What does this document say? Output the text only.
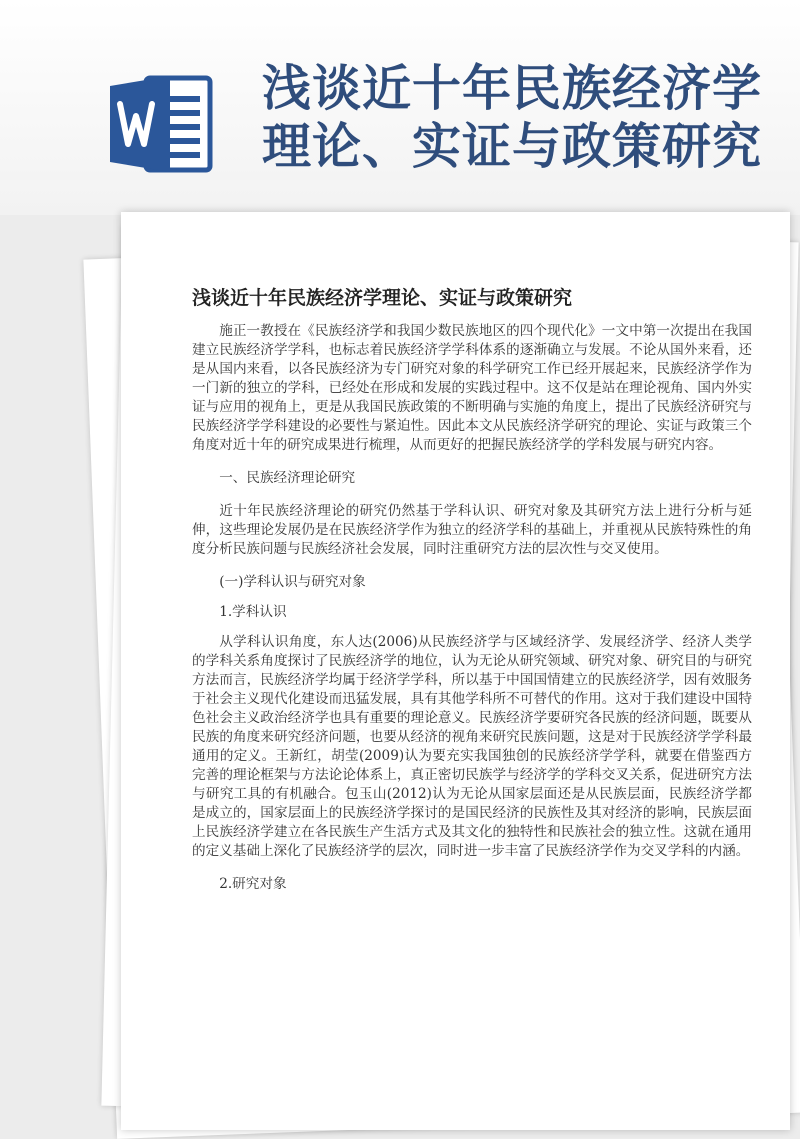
浅谈近十年民族经济学
理论、实证与政策研究
浅谈近十年民族经济学理论、实证与政策研究

施正一教授在《民族经济学和我国少数民族地区的四个现代化》一文中第一次提出在我国建立民族经济学学科，也标志着民族经济学学科体系的逐渐确立与发展。不论从国外来看，还是从国内来看，以各民族经济为专门研究对象的科学研究工作已经开展起来，民族经济学作为一门新的独立的学科，已经处在形成和发展的实践过程中。这不仅是站在理论视角、国内外实证与应用的视角上，更是从我国民族政策的不断明确与实施的角度上，提出了民族经济研究与民族经济学学科建设的必要性与紧迫性。因此本文从民族经济学研究的理论、实证与政策三个角度对近十年的研究成果进行梳理，从而更好的把握民族经济学的学科发展与研究内容。

一、民族经济理论研究

近十年民族经济理论的研究仍然基于学科认识、研究对象及其研究方法上进行分析与延伸，这些理论发展仍是在民族经济学作为独立的经济学科的基础上，并重视从民族特殊性的角度分析民族问题与民族经济社会发展，同时注重研究方法的层次性与交叉使用。

(一)学科认识与研究对象

1.学科认识

从学科认识角度，东人达(2006)从民族经济学与区域经济学、发展经济学、经济人类学的学科关系角度探讨了民族经济学的地位，认为无论从研究领域、研究对象、研究目的与研究方法而言，民族经济学均属于经济学学科，所以基于中国国情建立的民族经济学，因有效服务于社会主义现代化建设而迅猛发展，具有其他学科所不可替代的作用。这对于我们建设中国特色社会主义政治经济学也具有重要的理论意义。民族经济学要研究各民族的经济问题，既要从民族的角度来研究经济问题，也要从经济的视角来研究民族问题，这是对于民族经济学学科最通用的定义。王新红，胡莹(2009)认为要充实我国独创的民族经济学学科，就要在借鉴西方完善的理论框架与方法论论体系上，真正密切民族学与经济学的学科交叉关系，促进研究方法与研究工具的有机融合。包玉山(2012)认为无论从国家层面还是从民族层面，民族经济学都是成立的，国家层面上的民族经济学探讨的是国民经济的民族性及其对经济的影响，民族层面上民族经济学建立在各民族生产生活方式及其文化的独特性和民族社会的独立性。这就在通用的定义基础上深化了民族经济学的层次，同时进一步丰富了民族经济学作为交叉学科的内涵。

2.研究对象
